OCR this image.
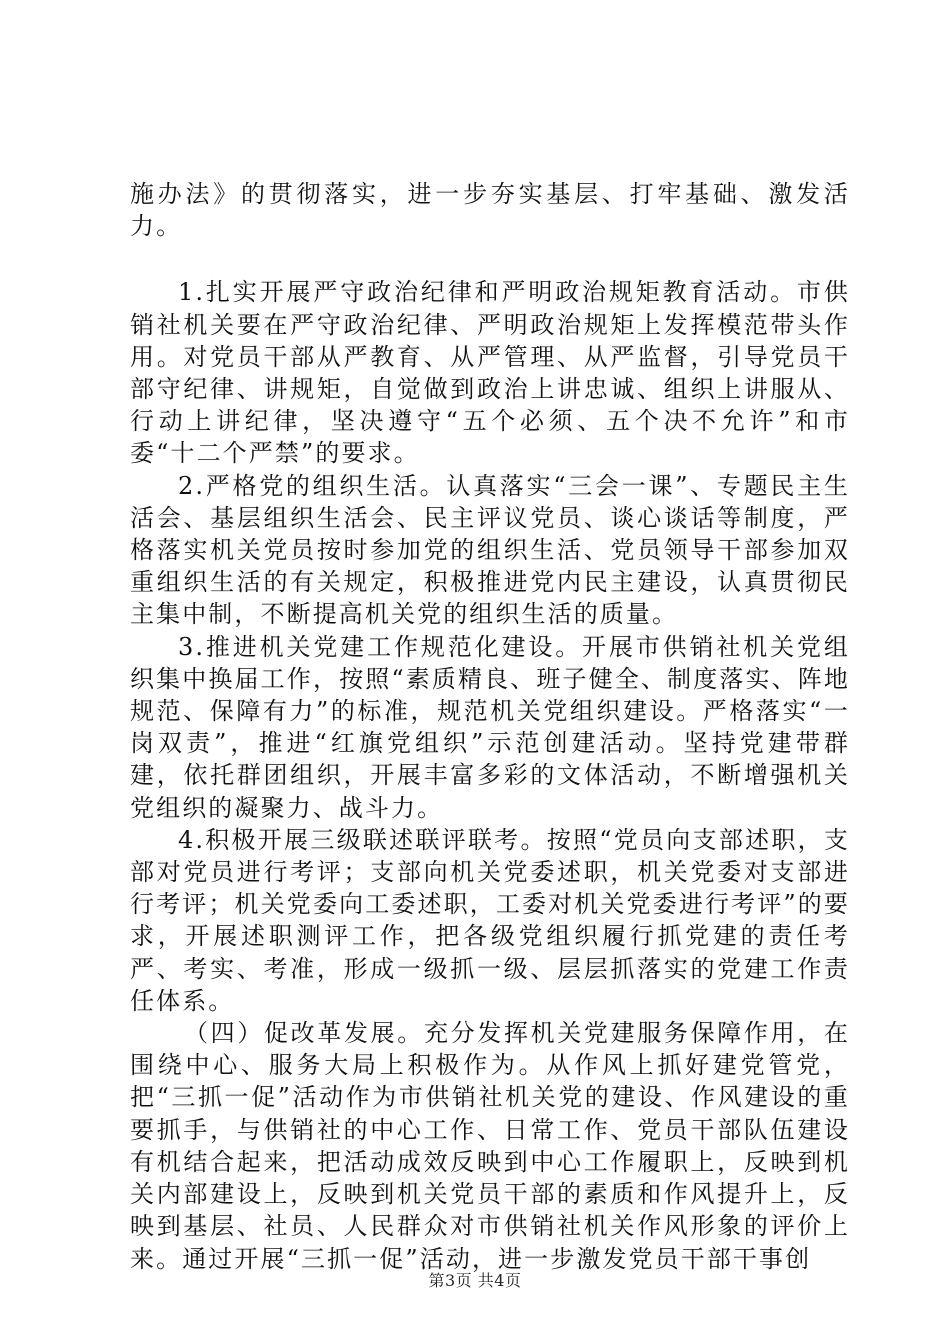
施办法》的贯彻落实，进一步夯实基层、打牢基础、激发活力。

1.扎实开展严守政治纪律和严明政治规矩教育活动。市供销社机关要在严守政治纪律、严明政治规矩上发挥模范带头作用。对党员干部从严教育、从严管理、从严监督，引导党员干部守纪律、讲规矩，自觉做到政治上讲忠诚、组织上讲服从、行动上讲纪律，坚决遵守“五个必须、五个决不允许”和市委“十二个严禁”的要求。

2.严格党的组织生活。认真落实“三会一课”、专题民主生活会、基层组织生活会、民主评议党员、谈心谈话等制度，严格落实机关党员按时参加党的组织生活、党员领导干部参加双重组织生活的有关规定，积极推进党内民主建设，认真贯彻民主集中制，不断提高机关党的组织生活的质量。

3.推进机关党建工作规范化建设。开展市供销社机关党组织集中换届工作，按照“素质精良、班子健全、制度落实、阵地规范、保障有力”的标准，规范机关党组织建设。严格落实“一岗双责”，推进“红旗党组织”示范创建活动。坚持党建带群建，依托群团组织，开展丰富多彩的文体活动，不断增强机关党组织的凝聚力、战斗力。

4.积极开展三级联述联评联考。按照“党员向支部述职，支部对党员进行考评；支部向机关党委述职，机关党委对支部进行考评；机关党委向工委述职，工委对机关党委进行考评”的要求，开展述职测评工作，把各级党组织履行抓党建的责任考严、考实、考准，形成一级抓一级、层层抓落实的党建工作责任体系。

（四）促改革发展。充分发挥机关党建服务保障作用，在围绕中心、服务大局上积极作为。从作风上抓好建党管党，把“三抓一促”活动作为市供销社机关党的建设、作风建设的重要抓手，与供销社的中心工作、日常工作、党员干部队伍建设有机结合起来，把活动成效反映到中心工作履职上，反映到机关内部建设上，反映到机关党员干部的素质和作风提升上，反映到基层、社员、人民群众对市供销社机关作风形象的评价上来。通过开展“三抓一促”活动，进一步激发党员干部干事创

第3页 共4页
